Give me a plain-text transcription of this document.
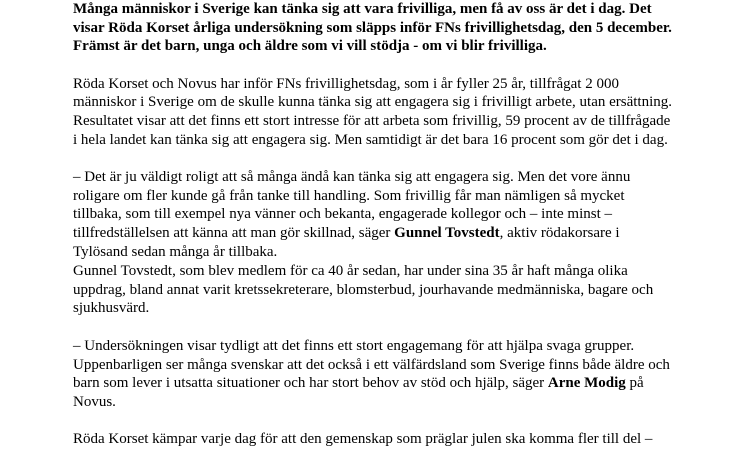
Många människor i Sverige kan tänka sig att vara frivilliga, men få av oss är det i dag. Det
visar Röda Korset årliga undersökning som släpps inför FNs frivillighetsdag, den 5 december.
Främst är det barn, unga och äldre som vi vill stödja - om vi blir frivilliga.

Röda Korset och Novus har inför FNs frivillighetsdag, som i år fyller 25 år, tillfrågat 2 000
människor i Sverige om de skulle kunna tänka sig att engagera sig i frivilligt arbete, utan ersättning.
Resultatet visar att det finns ett stort intresse för att arbeta som frivillig, 59 procent av de tillfrågade
i hela landet kan tänka sig att engagera sig. Men samtidigt är det bara 16 procent som gör det i dag.

– Det är ju väldigt roligt att så många ändå kan tänka sig att engagera sig. Men det vore ännu
roligare om fler kunde gå från tanke till handling. Som frivillig får man nämligen så mycket
tillbaka, som till exempel nya vänner och bekanta, engagerade kollegor och – inte minst –
tillfredställelsen att känna att man gör skillnad, säger Gunnel Tovstedt, aktiv rödakorsare i
Tylösand sedan många år tillbaka.

Gunnel Tovstedt, som blev medlem för ca 40 år sedan, har under sina 35 år haft många olika
uppdrag, bland annat varit kretssekreterare, blomsterbud, jourhavande medmänniska, bagare och
sjukhusvärd.

– Undersökningen visar tydligt att det finns ett stort engagemang för att hjälpa svaga grupper.
Uppenbarligen ser många svenskar att det också i ett välfärdsland som Sverige finns både äldre och
barn som lever i utsatta situationer och har stort behov av stöd och hjälp, säger Arne Modig på
Novus.

Röda Korset kämpar varje dag för att den gemenskap som präglar julen ska komma fler till del –
